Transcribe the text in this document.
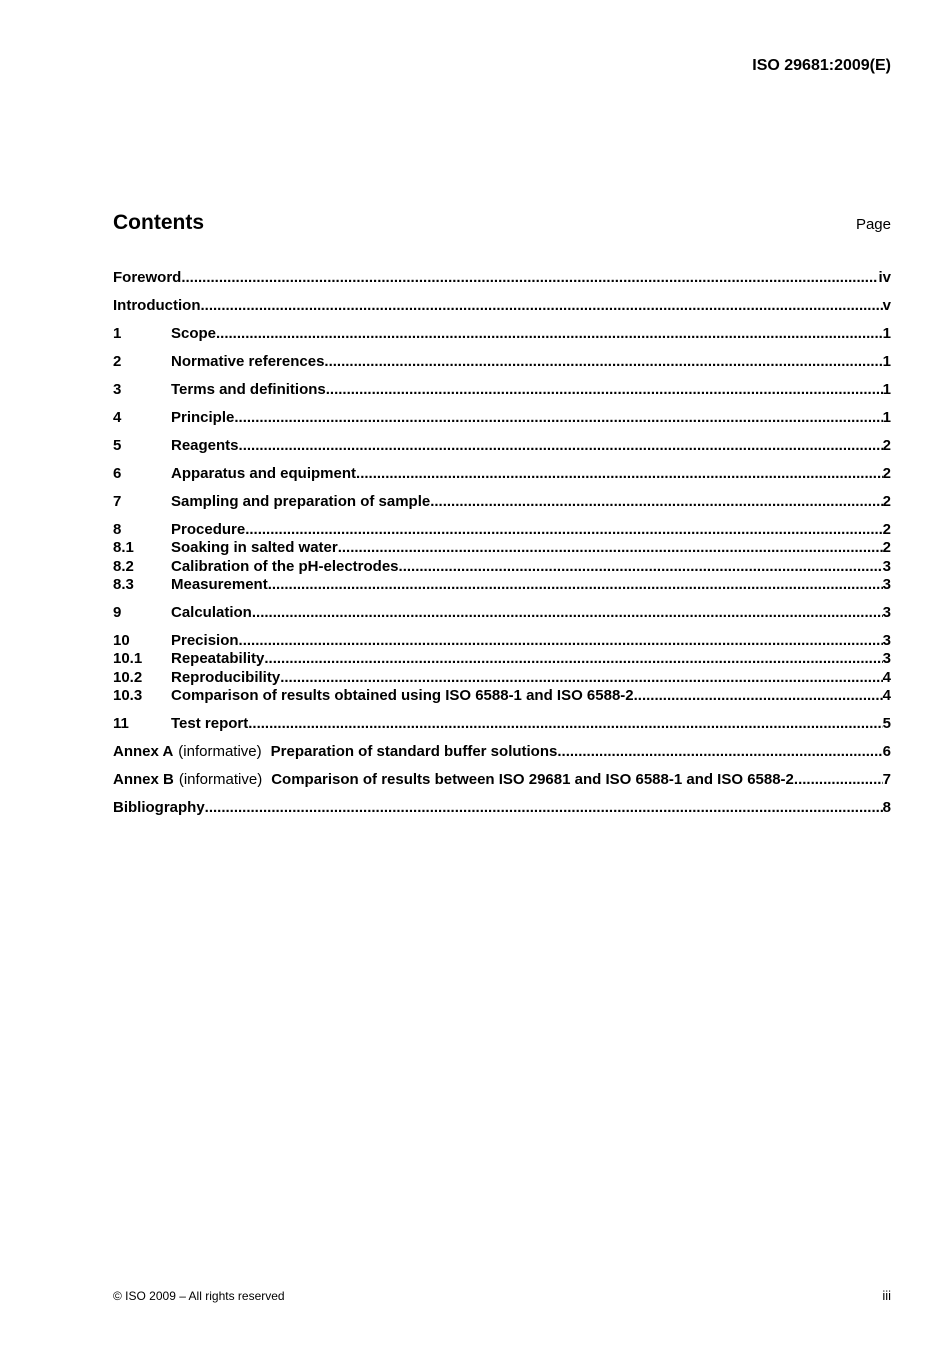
ISO 29681:2009(E)
Contents	Page
Foreword .....	iv
Introduction .....	v
1	Scope .....	1
2	Normative references .....	1
3	Terms and definitions .....	1
4	Principle .....	1
5	Reagents .....	2
6	Apparatus and equipment .....	2
7	Sampling and preparation of sample .....	2
8	Procedure .....	2
8.1	Soaking in salted water .....	2
8.2	Calibration of the pH-electrodes .....	3
8.3	Measurement .....	3
9	Calculation .....	3
10	Precision .....	3
10.1	Repeatability .....	3
10.2	Reproducibility .....	4
10.3	Comparison of results obtained using ISO 6588-1 and ISO 6588-2 .....	4
11	Test report .....	5
Annex A (informative) Preparation of standard buffer solutions .....	6
Annex B (informative) Comparison of results between ISO 29681 and ISO 6588-1 and ISO 6588-2 .....	7
Bibliography .....	8
© ISO 2009 – All rights reserved	iii
